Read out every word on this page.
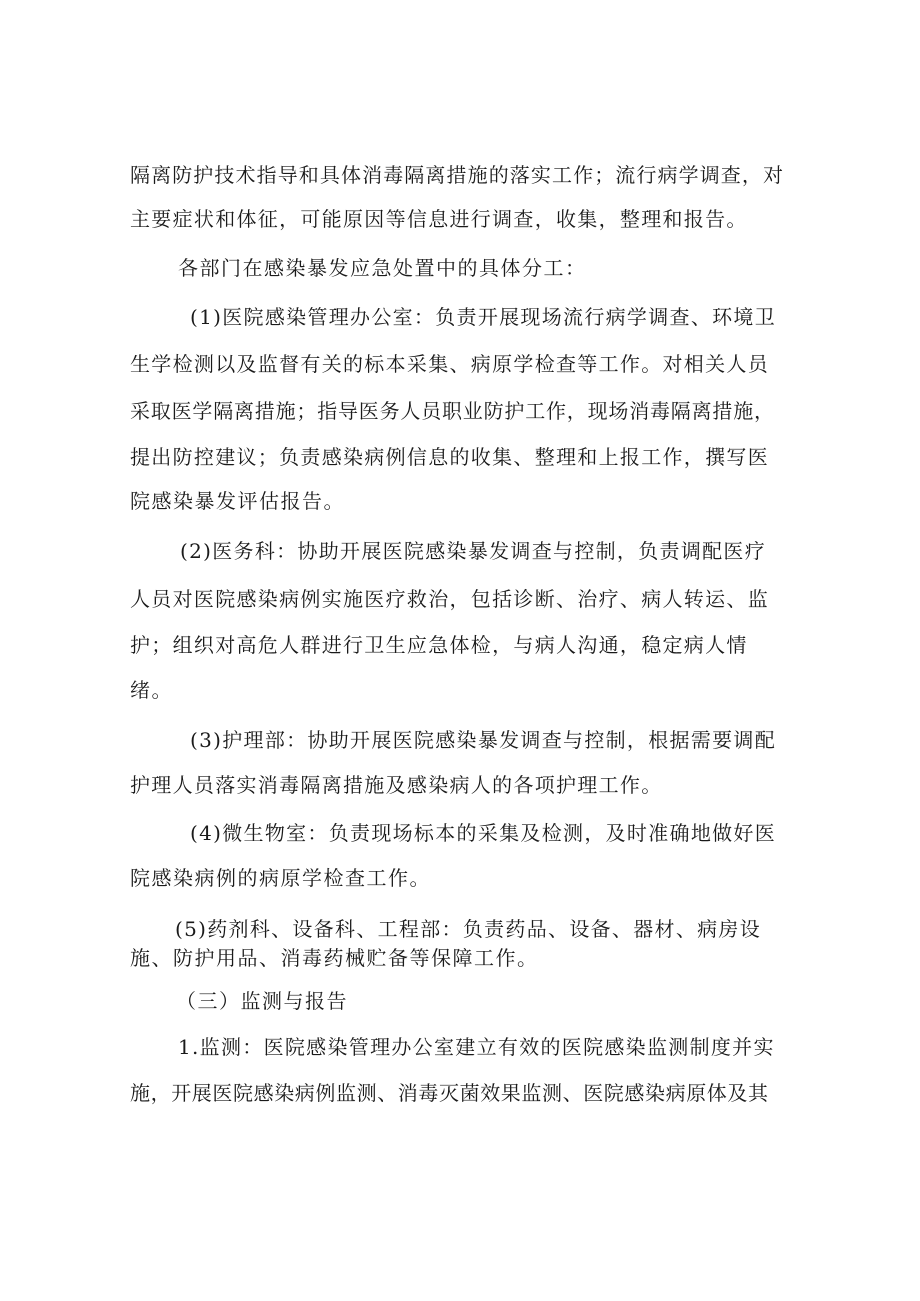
隔离防护技术指导和具体消毒隔离措施的落实工作；流行病学调查，对
主要症状和体征，可能原因等信息进行调查，收集，整理和报告。
各部门在感染暴发应急处置中的具体分工：
(1)医院感染管理办公室：负责开展现场流行病学调查、环境卫
生学检测以及监督有关的标本采集、病原学检查等工作。对相关人员
采取医学隔离措施；指导医务人员职业防护工作，现场消毒隔离措施，
提出防控建议；负责感染病例信息的收集、整理和上报工作，撰写医
院感染暴发评估报告。
(2)医务科：协助开展医院感染暴发调查与控制，负责调配医疗
人员对医院感染病例实施医疗救治，包括诊断、治疗、病人转运、监
护；组织对高危人群进行卫生应急体检，与病人沟通，稳定病人情
绪。
(3)护理部：协助开展医院感染暴发调查与控制，根据需要调配
护理人员落实消毒隔离措施及感染病人的各项护理工作。
(4)微生物室：负责现场标本的采集及检测，及时准确地做好医
院感染病例的病原学检查工作。
(5)药剂科、设备科、工程部：负责药品、设备、器材、病房设
施、防护用品、消毒药械贮备等保障工作。
（三）监测与报告
1.监测：医院感染管理办公室建立有效的医院感染监测制度并实
施，开展医院感染病例监测、消毒灭菌效果监测、医院感染病原体及其
